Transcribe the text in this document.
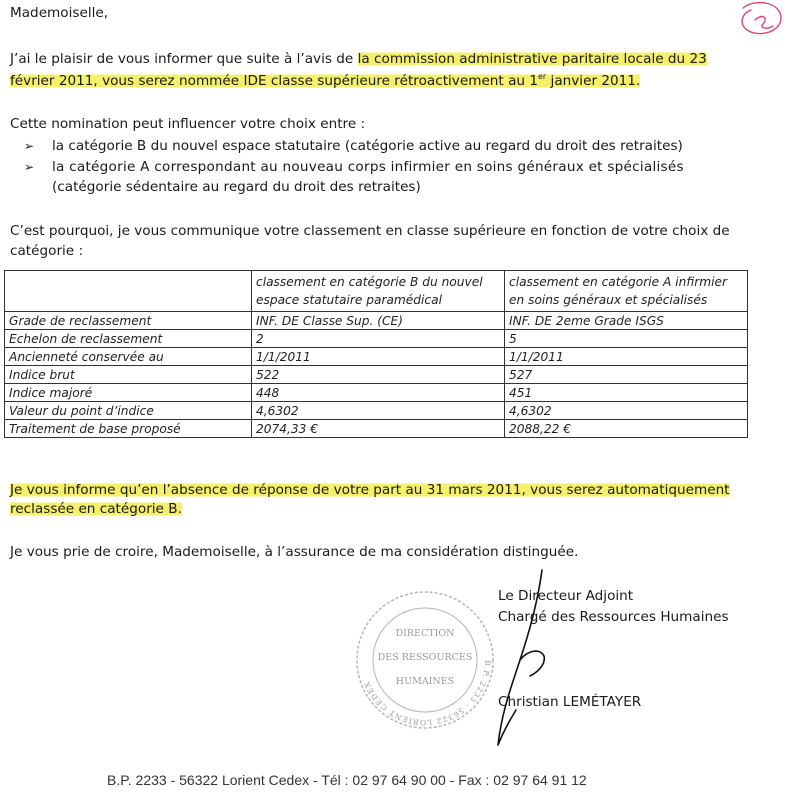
Mademoiselle,
J’ai le plaisir de vous informer que suite à l’avis de la commission administrative paritaire locale du 23
février 2011, vous serez nommée IDE classe supérieure rétroactivement au 1er janvier 2011.
Cette nomination peut influencer votre choix entre :
➢ la catégorie B du nouvel espace statutaire (catégorie active au regard du droit des retraites)
➢ la catégorie A correspondant au nouveau corps infirmier en soins généraux et spécialisés
(catégorie sédentaire au regard du droit des retraites)
C’est pourquoi, je vous communique votre classement en classe supérieure en fonction de votre choix de
catégorie :
	classement en catégorie B du nouvel espace statutaire paramédical	classement en catégorie A infirmier en soins généraux et spécialisés
Grade de reclassement	INF. DE Classe Sup. (CE)	INF. DE 2eme Grade ISGS
Echelon de reclassement	2	5
Ancienneté conservée au	1/1/2011	1/1/2011
Indice brut	522	527
Indice majoré	448	451
Valeur du point d’indice	4,6302	4,6302
Traitement de base proposé	2074,33 €	2088,22 €
Je vous informe qu’en l’absence de réponse de votre part au 31 mars 2011, vous serez automatiquement
reclassée en catégorie B.
Je vous prie de croire, Mademoiselle, à l’assurance de ma considération distinguée.
Le Directeur Adjoint
Chargé des Ressources Humaines
Christian LEMÉTAYER
B.P. 2233 - 56322 LORIENT CEDEX
DIRECTION
DES RESSOURCES
HUMAINES
B.P. 2233 - 56322 Lorient Cedex - Tél : 02 97 64 90 00 - Fax : 02 97 64 91 12
